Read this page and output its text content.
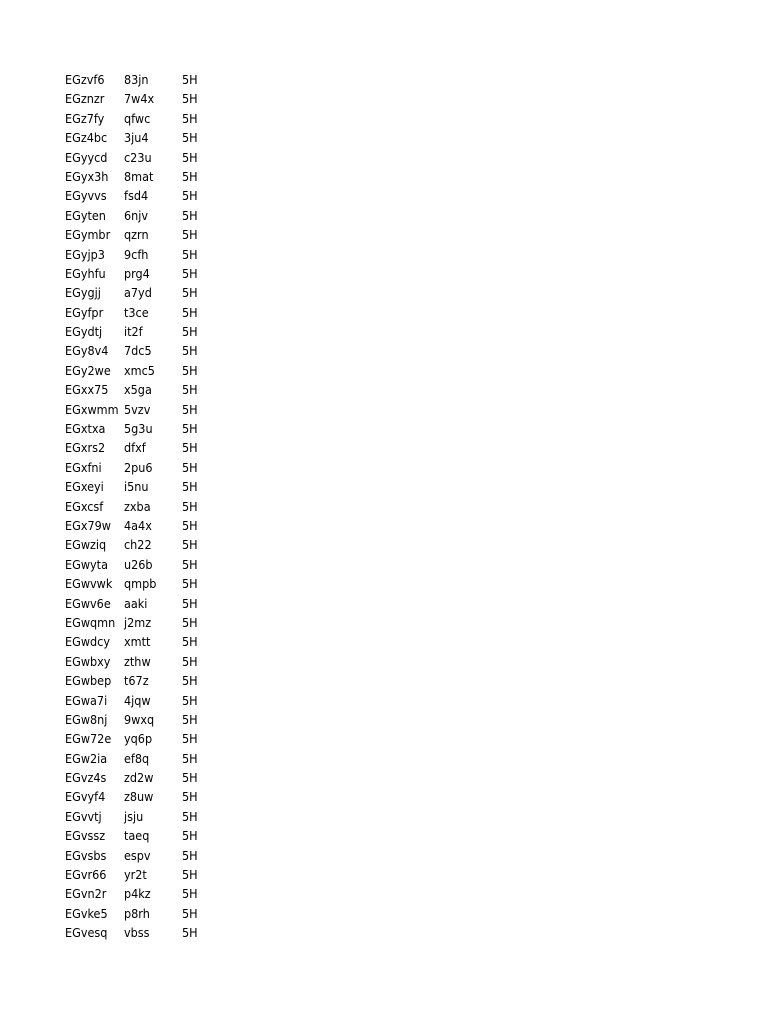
EGzvf6 83jn	5H
EGznzr 7w4x 5H
EGz7fy qfwc	5H
EGz4bc 3ju4	5H
EGyycd c23u 5H
EGyx3h 8mat 5H
EGyvvs fsd4	5H
EGyten 6njv	5H
EGymbr qzrn	5H
EGyjp3 9cfh	5H
EGyhfu prg4	5H
EGygjj a7yd 5H
EGyfpr t3ce	5H
EGydtj it2f	5H
EGy8v4 7dc5 5H
EGy2we xmc5 5H
EGxx75 x5ga 5H
EGxwmm 5vzv	5H
EGxtxa 5g3u 5H
EGxrs2 dfxf	5H
EGxfni 2pu6 5H
EGxeyi i5nu	5H
EGxcsf zxba	5H
EGx79w 4a4x 5H
EGwziq ch22 5H
EGwyta u26b 5H
EGwvwk qmpb 5H
EGwv6e aaki	5H
EGwqmn j2mz 5H
EGwdcy xmtt	5H
EGwbxy zthw	5H
EGwbep t67z	5H
EGwa7i 4jqw	5H
EGw8nj 9wxq 5H
EGw72e yq6p 5H
EGw2ia ef8q	5H
EGvz4s zd2w 5H
EGvyf4 z8uw 5H
EGvvtj jsju	5H
EGvssz taeq	5H
EGvsbs espv	5H
EGvr66 yr2t	5H
EGvn2r p4kz	5H
EGvke5 p8rh	5H
EGvesq vbss	5H
